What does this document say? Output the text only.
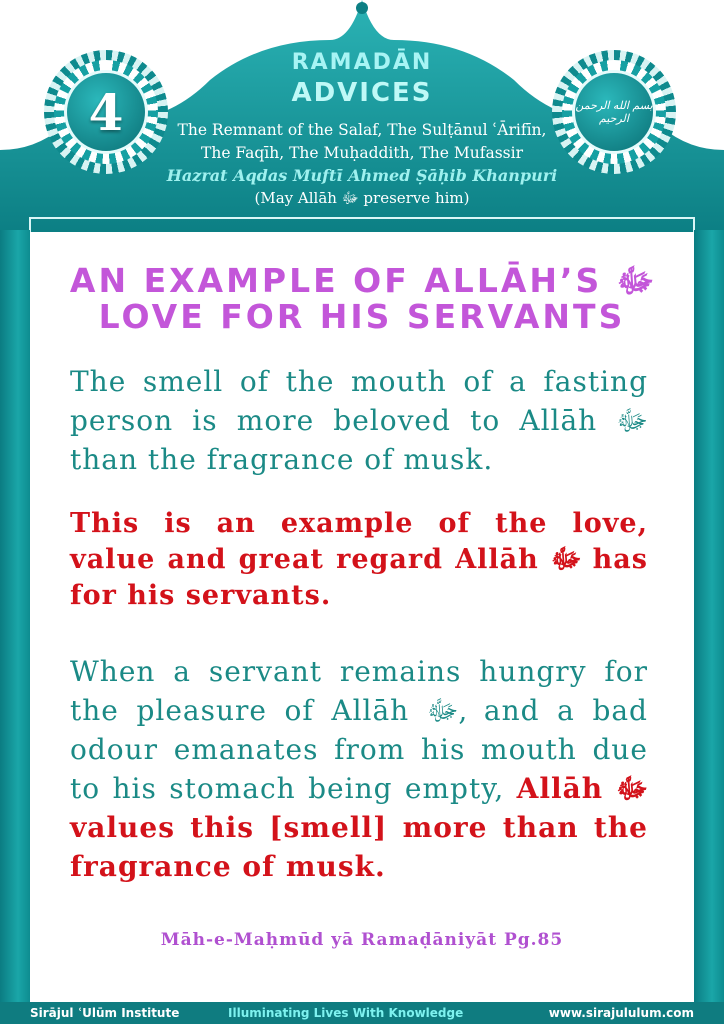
4	بسم الله الرحمن الرحيم
RAMADĀN
ADVICES
The Remnant of the Salaf, The Sulṭānul ʿĀrifīn,
The Faqīh, The Muḥaddith, The Mufassir
Hazrat Aqdas Muftī Ahmed Ṣāḥib Khanpuri
(May Allāh ﷻ preserve him)
AN EXAMPLE OF ALLĀH’S ﷻ
LOVE FOR HIS SERVANTS
The smell of the mouth of a fasting person is more beloved to Allāh ﷻ than the fragrance of musk.
This is an example of the love, value and great regard Allāh ﷻ has for his servants.
When a servant remains hungry for the pleasure of Allāh ﷻ, and a bad odour emanates from his mouth due to his stomach being empty, Allāh ﷻ values this [smell] more than the fragrance of musk.
Māh-e-Maḥmūd yā Ramaḍāniyāt Pg.85
Sirājul ʿUlūm Institute	Illuminating Lives With Knowledge	www.sirajululum.com
